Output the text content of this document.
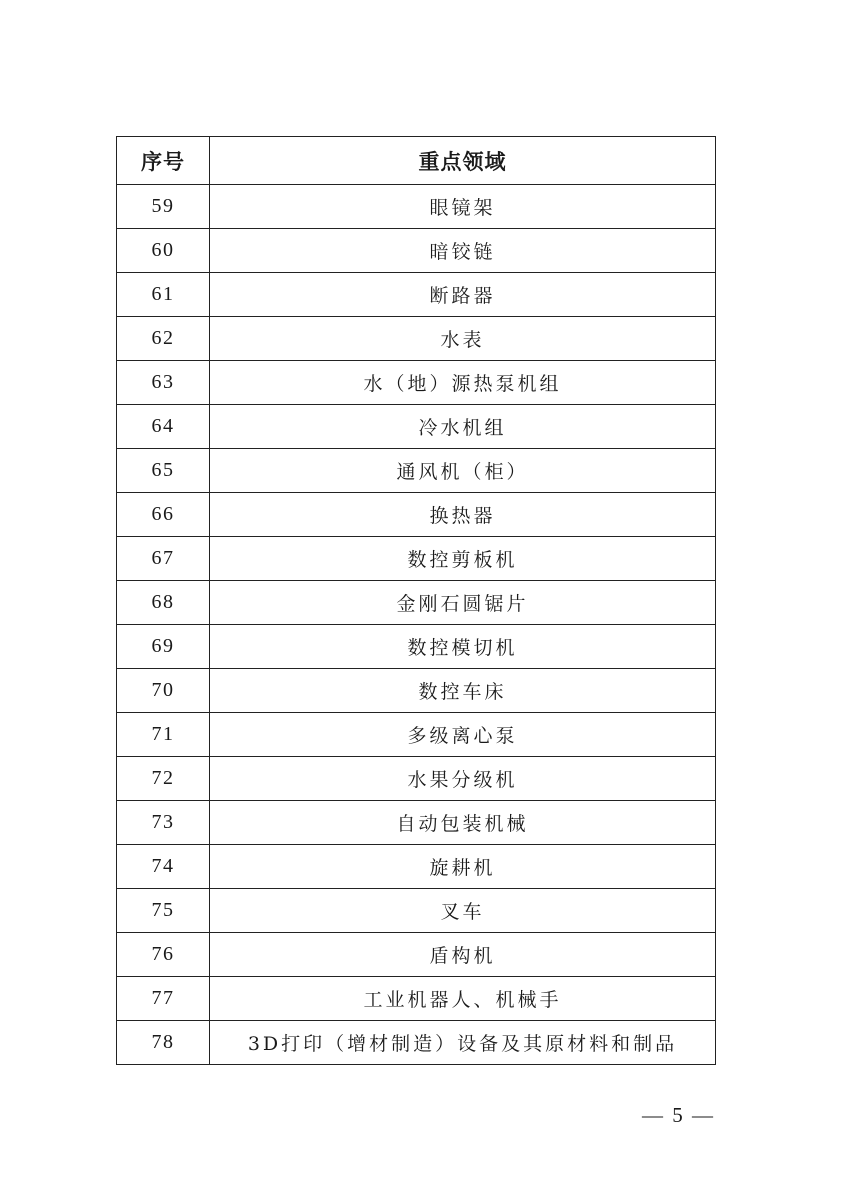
序号	重点领域
59	眼镜架
60	暗铰链
61	断路器
62	水表
63	水（地）源热泵机组
64	冷水机组
65	通风机（柜）
66	换热器
67	数控剪板机
68	金刚石圆锯片
69	数控模切机
70	数控车床
71	多级离心泵
72	水果分级机
73	自动包装机械
74	旋耕机
75	叉车
76	盾构机
77	工业机器人、机械手
78	3D打印（增材制造）设备及其原材料和制品
— 5 —
